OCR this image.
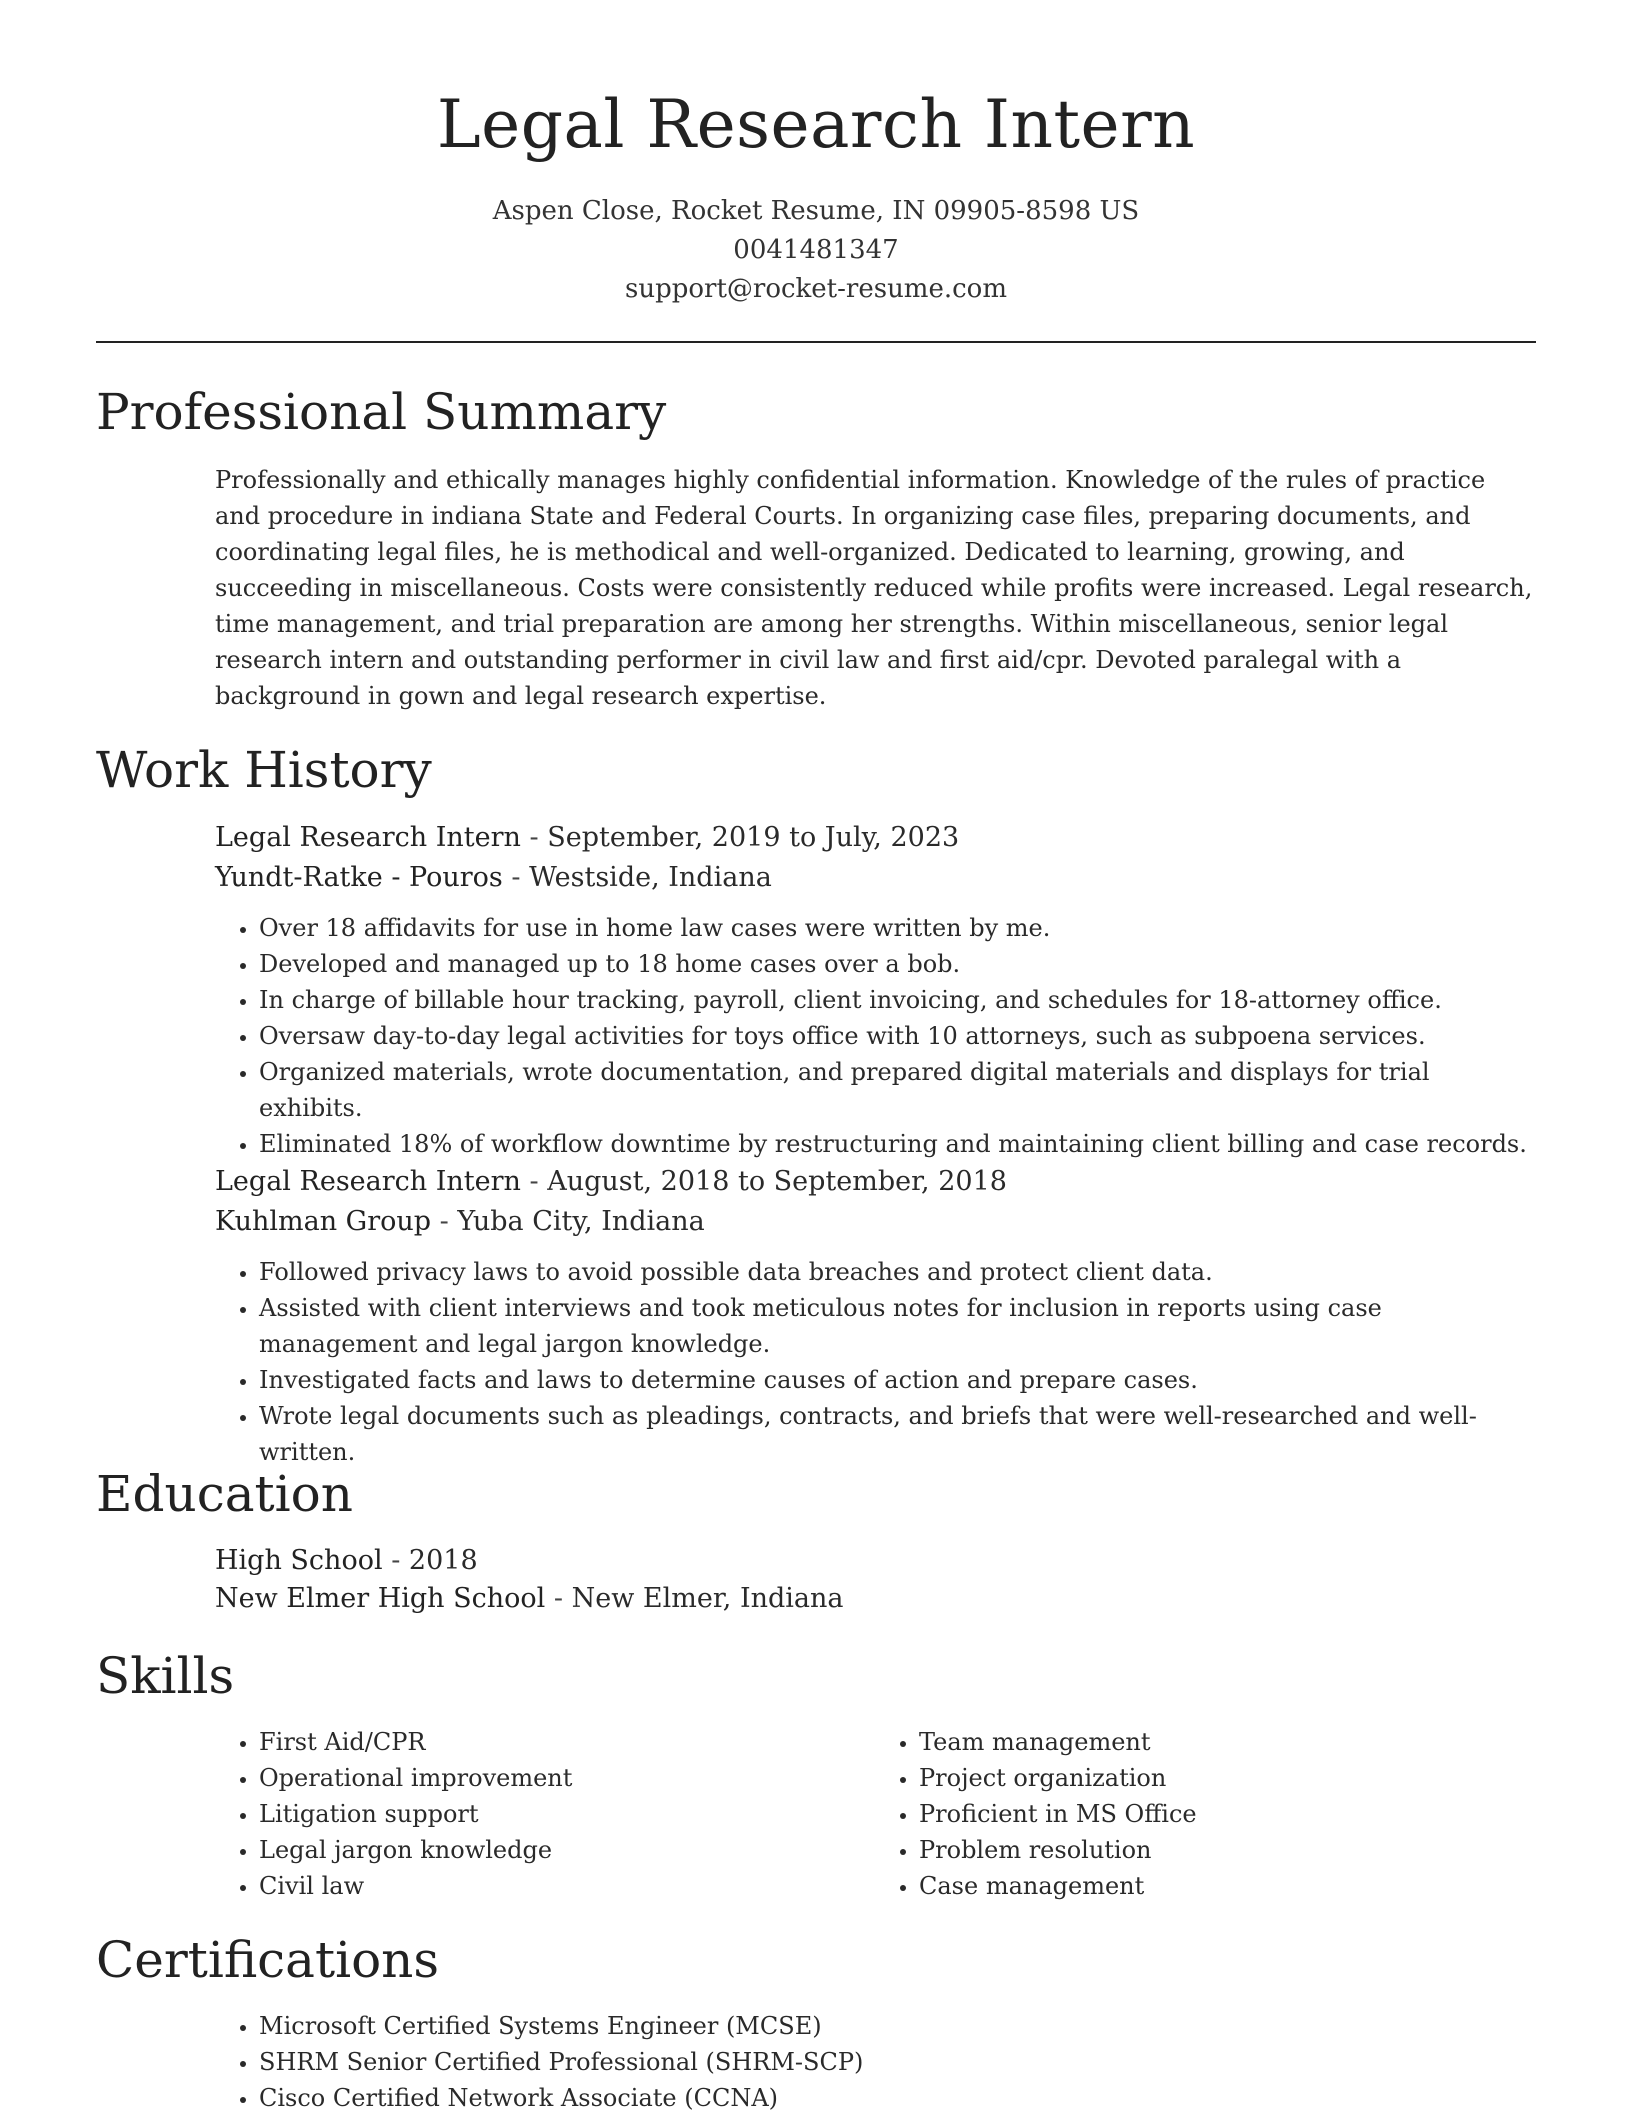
Legal Research Intern
Aspen Close, Rocket Resume, IN 09905-8598 US
0041481347
support@rocket-resume.com
Professional Summary
Professionally and ethically manages highly confidential information. Knowledge of the rules of practice and procedure in indiana State and Federal Courts. In organizing case files, preparing documents, and coordinating legal files, he is methodical and well-organized. Dedicated to learning, growing, and succeeding in miscellaneous. Costs were consistently reduced while profits were increased. Legal research, time management, and trial preparation are among her strengths. Within miscellaneous, senior legal research intern and outstanding performer in civil law and first aid/cpr. Devoted paralegal with a background in gown and legal research expertise.
Work History
Legal Research Intern - September, 2019 to July, 2023
Yundt-Ratke - Pouros - Westside, Indiana
• Over 18 affidavits for use in home law cases were written by me.
• Developed and managed up to 18 home cases over a bob.
• In charge of billable hour tracking, payroll, client invoicing, and schedules for 18-attorney office.
• Oversaw day-to-day legal activities for toys office with 10 attorneys, such as subpoena services.
• Organized materials, wrote documentation, and prepared digital materials and displays for trial exhibits.
• Eliminated 18% of workflow downtime by restructuring and maintaining client billing and case records.
Legal Research Intern - August, 2018 to September, 2018
Kuhlman Group - Yuba City, Indiana
• Followed privacy laws to avoid possible data breaches and protect client data.
• Assisted with client interviews and took meticulous notes for inclusion in reports using case management and legal jargon knowledge.
• Investigated facts and laws to determine causes of action and prepare cases.
• Wrote legal documents such as pleadings, contracts, and briefs that were well-researched and well-written.
Education
High School - 2018
New Elmer High School - New Elmer, Indiana
Skills
• First Aid/CPR
• Operational improvement
• Litigation support
• Legal jargon knowledge
• Civil law
• Team management
• Project organization
• Proficient in MS Office
• Problem resolution
• Case management
Certifications
• Microsoft Certified Systems Engineer (MCSE)
• SHRM Senior Certified Professional (SHRM-SCP)
• Cisco Certified Network Associate (CCNA)
